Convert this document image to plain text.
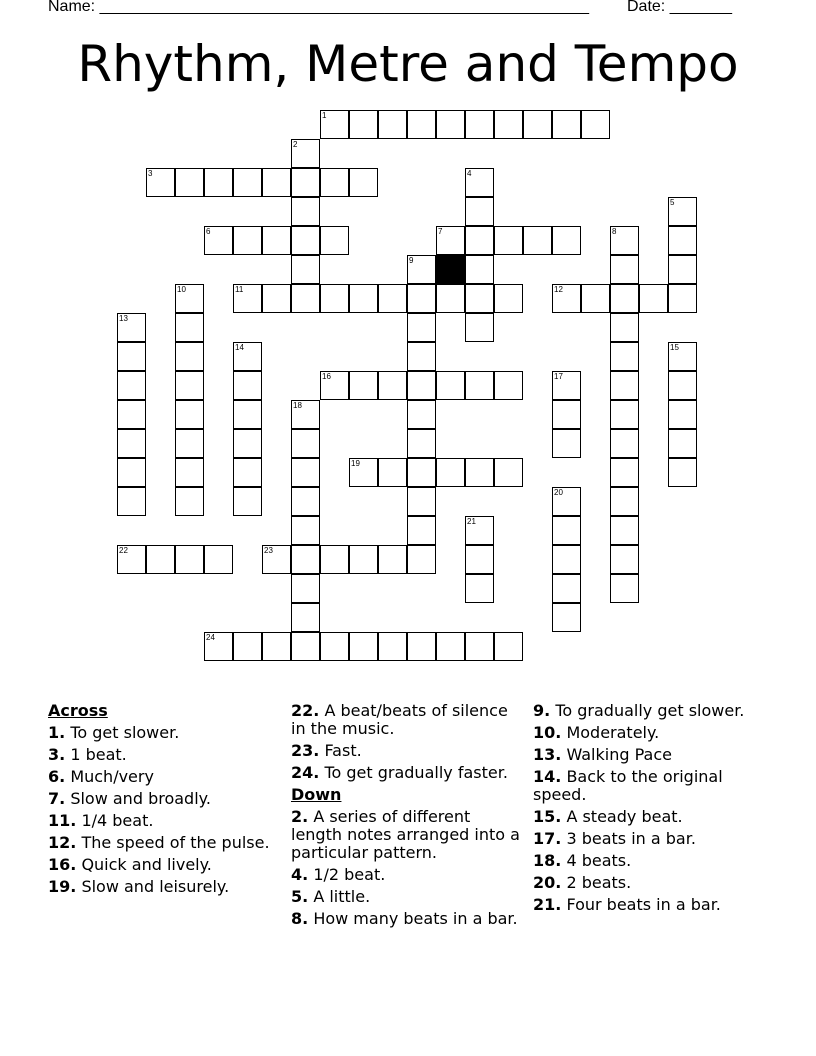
Name: _______________________________________________________ Date: _______
Rhythm, Metre and Tempo
1
3
6	7
11	12
16
19
22	23
24
2
4
5
8
9
10
13
14	15
17
18
20
21
Across
1. To get slower.
3. 1 beat.
6. Much/very
7. Slow and broadly.
11. 1/4 beat.
12. The speed of the pulse.
16. Quick and lively.
19. Slow and leisurely.
22. A beat/beats of silence in the music.
23. Fast.
24. To get gradually faster.
Down
2. A series of different length notes arranged into a particular pattern.
4. 1/2 beat.
5. A little.
8. How many beats in a bar.
9. To gradually get slower.
10. Moderately.
13. Walking Pace
14. Back to the original speed.
15. A steady beat.
17. 3 beats in a bar.
18. 4 beats.
20. 2 beats.
21. Four beats in a bar.
